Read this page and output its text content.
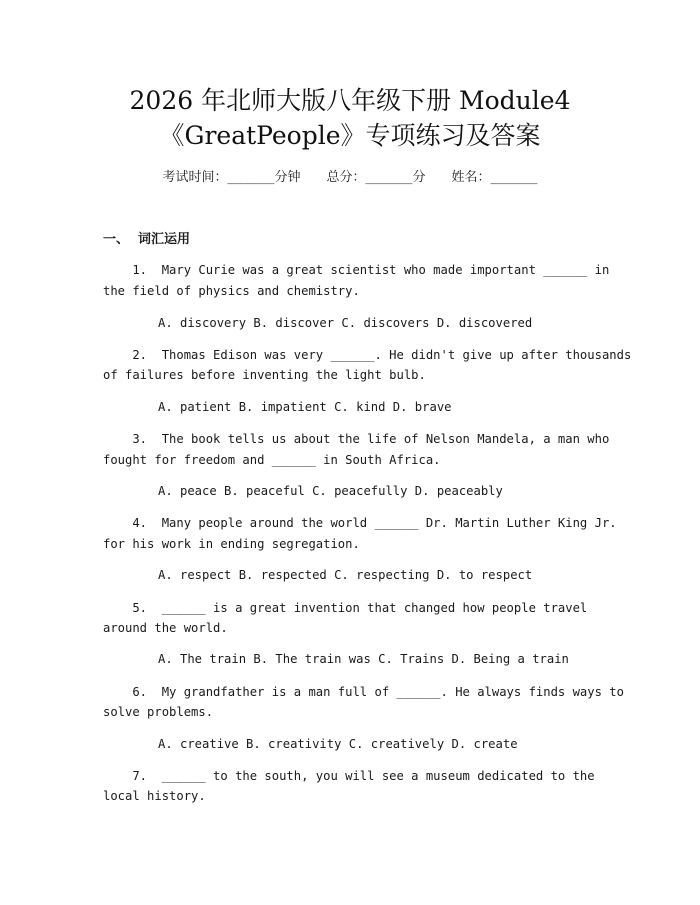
2026 年北师大版八年级下册 Module4
《GreatPeople》专项练习及答案
考试时间：______分钟 总分：______分 姓名：______
一、  词汇运用
1.  Mary Curie was a great scientist who made important ______ in
the field of physics and chemistry.
A. discovery B. discover C. discovers D. discovered
2.  Thomas Edison was very ______. He didn't give up after thousands
of failures before inventing the light bulb.
A. patient B. impatient C. kind D. brave
3.  The book tells us about the life of Nelson Mandela, a man who
fought for freedom and ______ in South Africa.
A. peace B. peaceful C. peacefully D. peaceably
4.  Many people around the world ______ Dr. Martin Luther King Jr.
for his work in ending segregation.
A. respect B. respected C. respecting D. to respect
5.  ______ is a great invention that changed how people travel
around the world.
A. The train B. The train was C. Trains D. Being a train
6.  My grandfather is a man full of ______. He always finds ways to
solve problems.
A. creative B. creativity C. creatively D. create
7.  ______ to the south, you will see a museum dedicated to the
local history.
